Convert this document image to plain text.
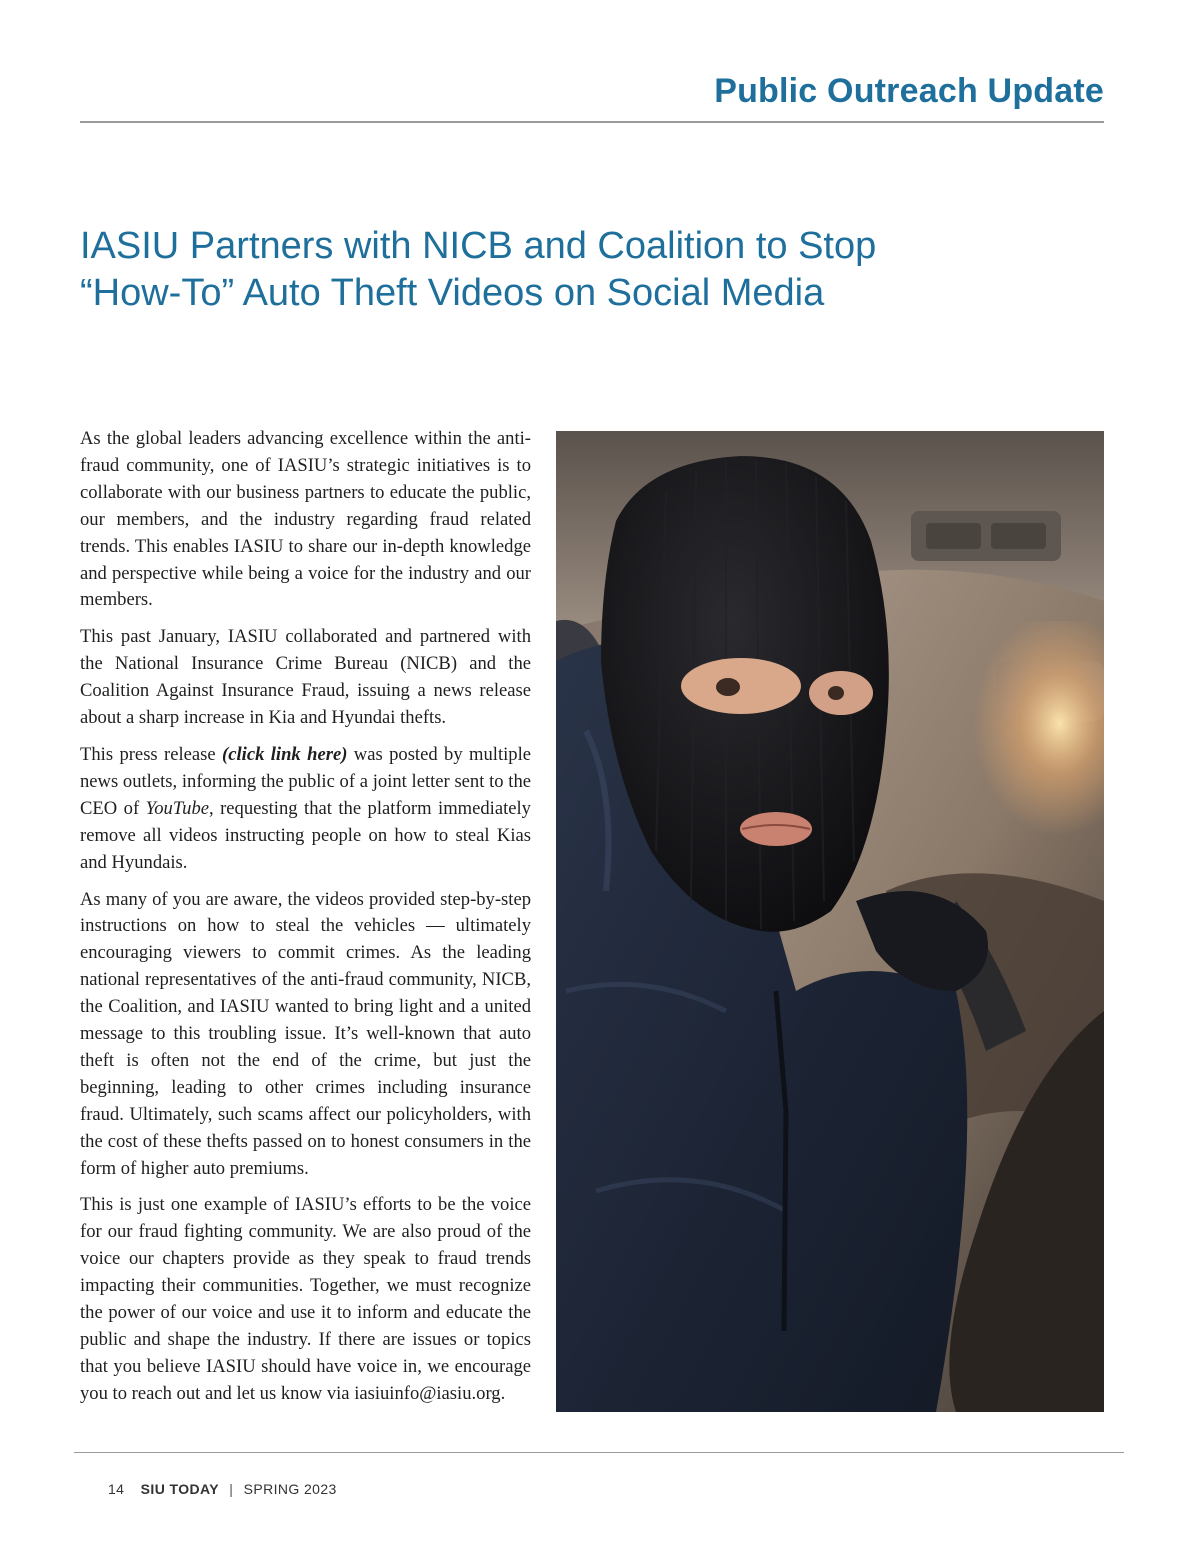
Public Outreach Update
IASIU Partners with NICB and Coalition to Stop
“How-To” Auto Theft Videos on Social Media

As the global leaders advancing excellence within the anti-fraud community, one of IASIU’s strategic initiatives is to collaborate with our business partners to educate the public, our members, and the industry regarding fraud related trends. This enables IASIU to share our in-depth knowledge and perspective while being a voice for the industry and our members.

This past January, IASIU collaborated and partnered with the National Insurance Crime Bureau (NICB) and the Coalition Against Insurance Fraud, issuing a news release about a sharp increase in Kia and Hyundai thefts.

This press release (click link here) was posted by multiple news outlets, informing the public of a joint letter sent to the CEO of YouTube, requesting that the platform immediately remove all videos instructing people on how to steal Kias and Hyundais.

As many of you are aware, the videos provided step-by-step instructions on how to steal the vehicles — ultimately encouraging viewers to commit crimes. As the leading national representatives of the anti-fraud community, NICB, the Coalition, and IASIU wanted to bring light and a united message to this troubling issue. It’s well-known that auto theft is often not the end of the crime, but just the beginning, leading to other crimes including insurance fraud. Ultimately, such scams affect our policyholders, with the cost of these thefts passed on to honest consumers in the form of higher auto premiums.

This is just one example of IASIU’s efforts to be the voice for our fraud fighting community. We are also proud of the voice our chapters provide as they speak to fraud trends impacting their communities. Together, we must recognize the power of our voice and use it to inform and educate the public and shape the industry. If there are issues or topics that you believe IASIU should have voice in, we encourage you to reach out and let us know via iasiuinfo@iasiu.org.

14 SIU TODAY | SPRING 2023
